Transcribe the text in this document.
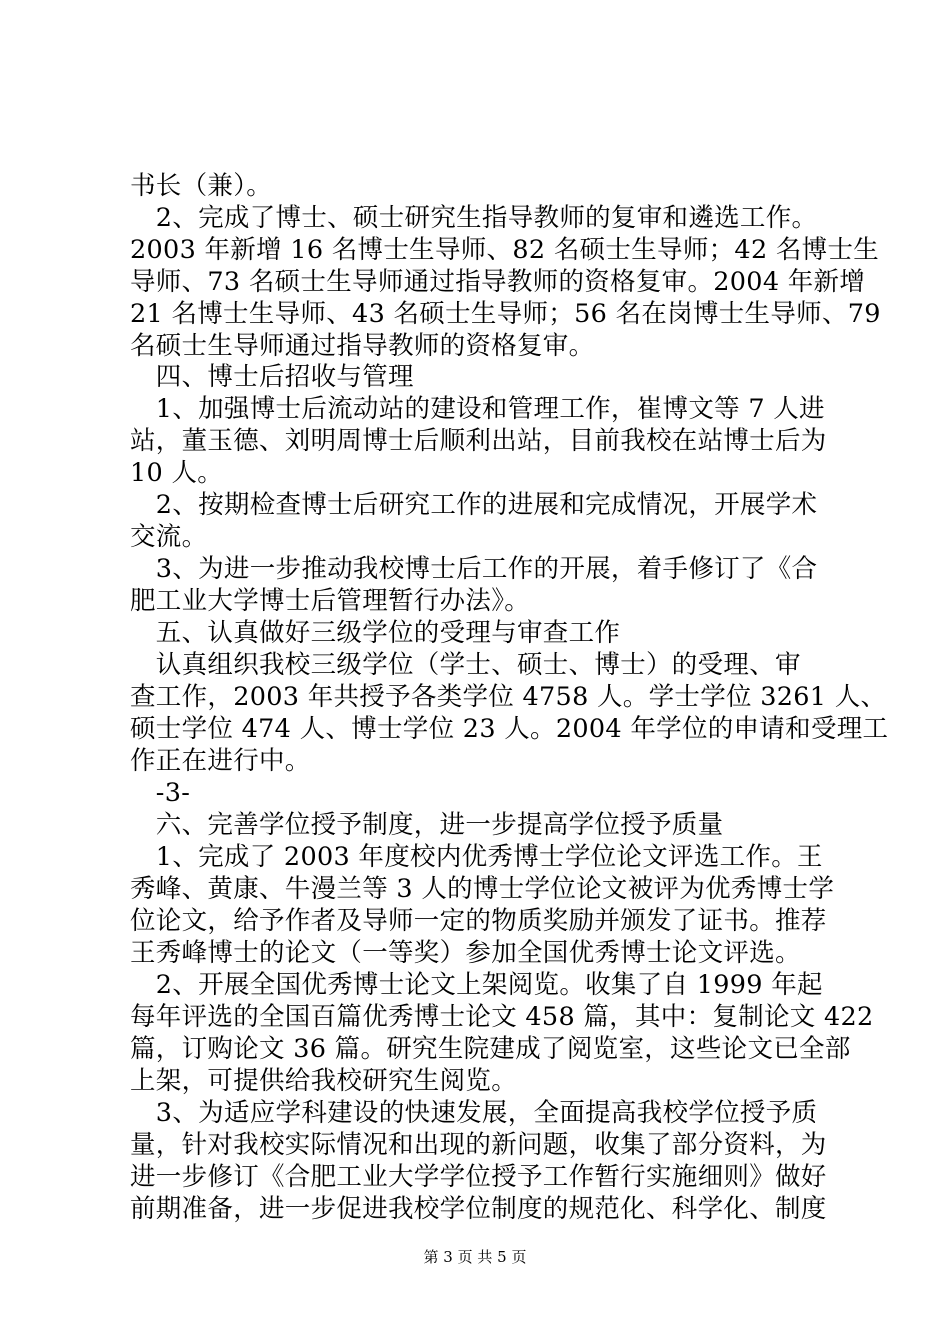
书长（兼）。
　2、完成了博士、硕士研究生指导教师的复审和遴选工作。
2003 年新增 16 名博士生导师、82 名硕士生导师；42 名博士生
导师、73 名硕士生导师通过指导教师的资格复审。2004 年新增
21 名博士生导师、43 名硕士生导师；56 名在岗博士生导师、79
名硕士生导师通过指导教师的资格复审。
　四、博士后招收与管理
　1、加强博士后流动站的建设和管理工作，崔博文等 7 人进
站，董玉德、刘明周博士后顺利出站，目前我校在站博士后为
10 人。
　2、按期检查博士后研究工作的进展和完成情况，开展学术
交流。
　3、为进一步推动我校博士后工作的开展，着手修订了《合
肥工业大学博士后管理暂行办法》。
　五、认真做好三级学位的受理与审查工作
　认真组织我校三级学位（学士、硕士、博士）的受理、审
查工作，2003 年共授予各类学位 4758 人。学士学位 3261 人、
硕士学位 474 人、博士学位 23 人。2004 年学位的申请和受理工
作正在进行中。
　-3-
　六、完善学位授予制度，进一步提高学位授予质量
　1、完成了 2003 年度校内优秀博士学位论文评选工作。王
秀峰、黄康、牛漫兰等 3 人的博士学位论文被评为优秀博士学
位论文，给予作者及导师一定的物质奖励并颁发了证书。推荐
王秀峰博士的论文（一等奖）参加全国优秀博士论文评选。
　2、开展全国优秀博士论文上架阅览。收集了自 1999 年起
每年评选的全国百篇优秀博士论文 458 篇，其中：复制论文 422
篇，订购论文 36 篇。研究生院建成了阅览室，这些论文已全部
上架，可提供给我校研究生阅览。
　3、为适应学科建设的快速发展，全面提高我校学位授予质
量，针对我校实际情况和出现的新问题，收集了部分资料，为
进一步修订《合肥工业大学学位授予工作暂行实施细则》做好
前期准备，进一步促进我校学位制度的规范化、科学化、制度
第 3 页 共 5 页
